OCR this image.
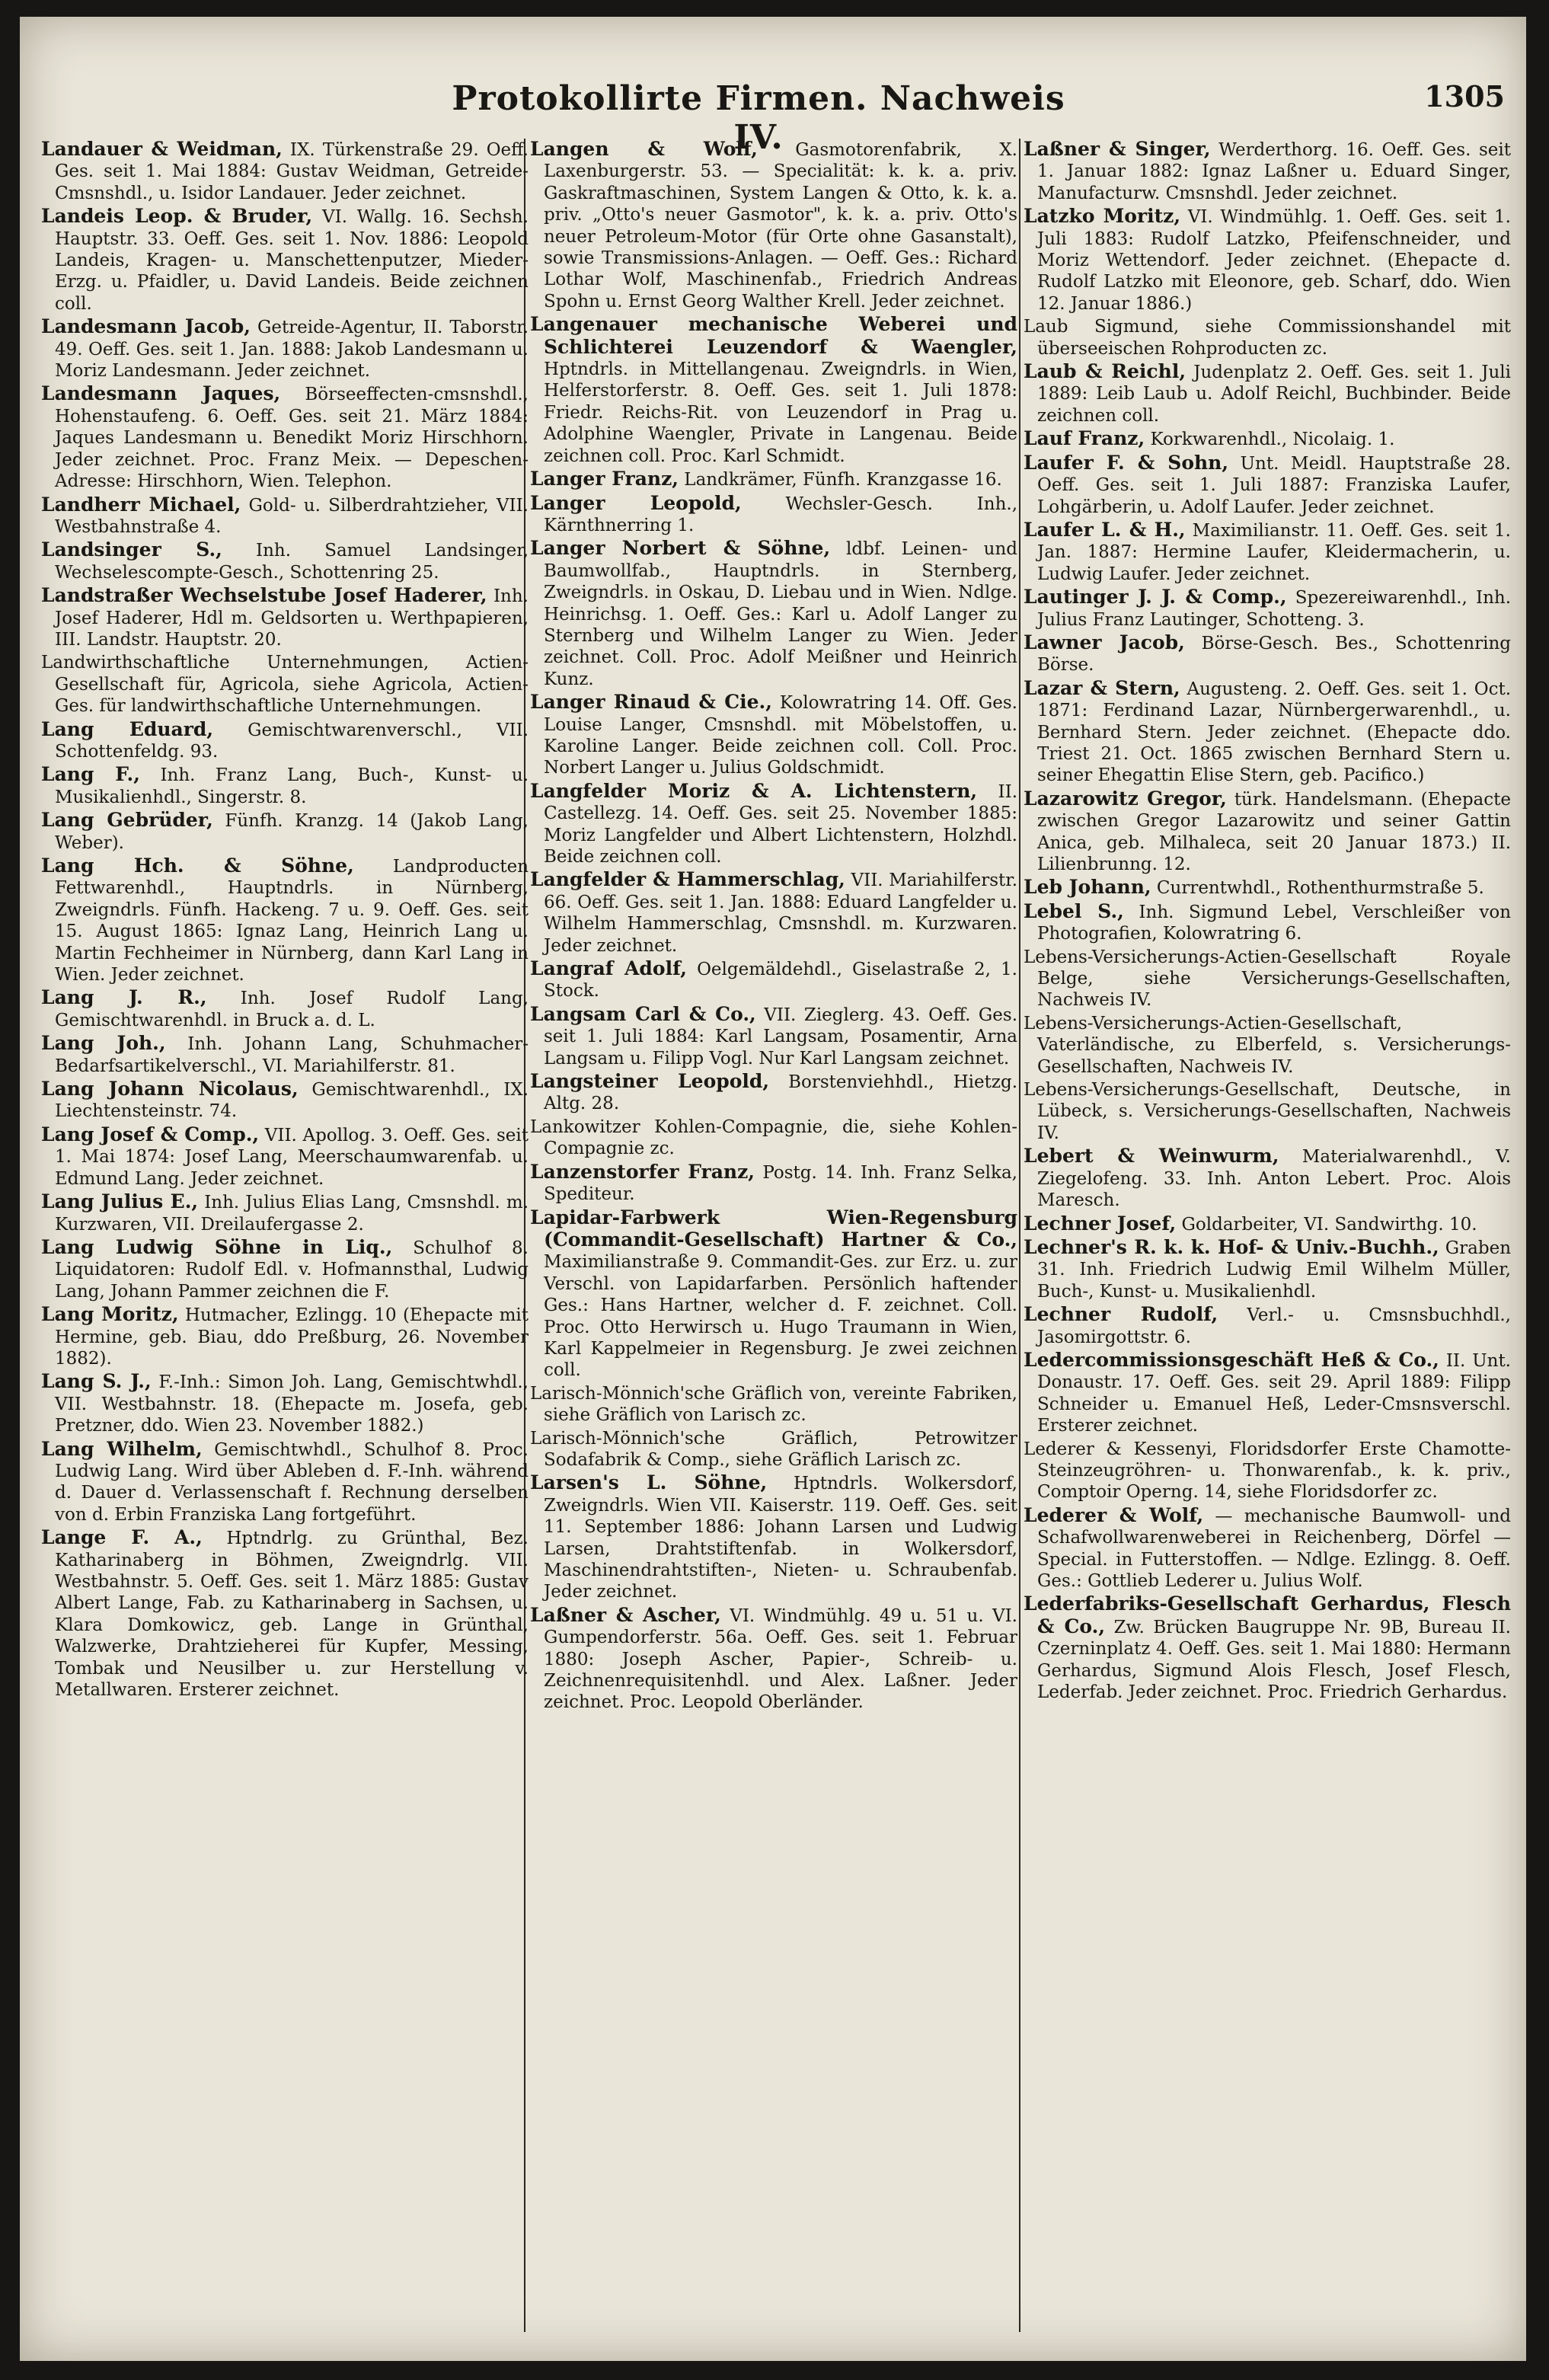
Protokollirte Firmen. Nachweis IV.
1305

Landauer & Weidman, IX. Türkenstraße 29. Oeff. Ges. seit 1. Mai 1884: Gustav Weidman, Getreide-Cmsnshdl., u. Isidor Landauer. Jeder zeichnet.

Landeis Leop. & Bruder, VI. Wallg. 16. Sechsh. Hauptstr. 33. Oeff. Ges. seit 1. Nov. 1886: Leopold Landeis, Kragen- u. Manschettenputzer, Mieder-Erzg. u. Pfaidler, u. David Landeis. Beide zeichnen coll.

Landesmann Jacob, Getreide-Agentur, II. Taborstr. 49. Oeff. Ges. seit 1. Jan. 1888: Jakob Landesmann u. Moriz Landesmann. Jeder zeichnet.

Landesmann Jaques, Börseeffecten-cmsnshdl., Hohenstaufeng. 6. Oeff. Ges. seit 21. März 1884: Jaques Landesmann u. Benedikt Moriz Hirschhorn. Jeder zeichnet. Proc. Franz Meix. — Depeschen-Adresse: Hirschhorn, Wien. Telephon.

Landherr Michael, Gold- u. Silberdrahtzieher, VII. Westbahnstraße 4.

Landsinger S., Inh. Samuel Landsinger, Wechselescompte-Gesch., Schottenring 25.

Landstraßer Wechselstube Josef Haderer, Inh. Josef Haderer, Hdl m. Geldsorten u. Werthpapieren, III. Landstr. Hauptstr. 20.

Landwirthschaftliche Unternehmungen, Actien-Gesellschaft für, Agricola, siehe Agricola, Actien-Ges. für landwirthschaftliche Unternehmungen.

Lang Eduard, Gemischtwarenverschl., VII. Schottenfeldg. 93.

Lang F., Inh. Franz Lang, Buch-, Kunst- u. Musikalienhdl., Singerstr. 8.

Lang Gebrüder, Fünfh. Kranzg. 14 (Jakob Lang, Weber).

Lang Hch. & Söhne, Landproducten Fettwarenhdl., Hauptndrls. in Nürnberg, Zweigndrls. Fünfh. Hackeng. 7 u. 9. Oeff. Ges. seit 15. August 1865: Ignaz Lang, Heinrich Lang u. Martin Fechheimer in Nürnberg, dann Karl Lang in Wien. Jeder zeichnet.

Lang J. R., Inh. Josef Rudolf Lang, Gemischtwarenhdl. in Bruck a. d. L.

Lang Joh., Inh. Johann Lang, Schuhmacher-Bedarfsartikelverschl., VI. Mariahilferstr. 81.

Lang Johann Nicolaus, Gemischtwarenhdl., IX. Liechtensteinstr. 74.

Lang Josef & Comp., VII. Apollog. 3. Oeff. Ges. seit 1. Mai 1874: Josef Lang, Meerschaumwarenfab. u. Edmund Lang. Jeder zeichnet.

Lang Julius E., Inh. Julius Elias Lang, Cmsnshdl. m. Kurzwaren, VII. Dreilaufergasse 2.

Lang Ludwig Söhne in Liq., Schulhof 8. Liquidatoren: Rudolf Edl. v. Hofmannsthal, Ludwig Lang, Johann Pammer zeichnen die F.

Lang Moritz, Hutmacher, Ezlingg. 10 (Ehepacte mit Hermine, geb. Biau, ddo Preßburg, 26. November 1882).

Lang S. J., F.-Inh.: Simon Joh. Lang, Gemischtwhdl., VII. Westbahnstr. 18. (Ehepacte m. Josefa, geb. Pretzner, ddo. Wien 23. November 1882.)

Lang Wilhelm, Gemischtwhdl., Schulhof 8. Proc. Ludwig Lang. Wird über Ableben d. F.-Inh. während d. Dauer d. Verlassenschaft f. Rechnung derselben von d. Erbin Franziska Lang fortgeführt.

Lange F. A., Hptndrlg. zu Grünthal, Bez. Katharinaberg in Böhmen, Zweigndrlg. VII. Westbahnstr. 5. Oeff. Ges. seit 1. März 1885: Gustav Albert Lange, Fab. zu Katharinaberg in Sachsen, u. Klara Domkowicz, geb. Lange in Grünthal, Walzwerke, Drahtzieherei für Kupfer, Messing, Tombak und Neusilber u. zur Herstellung v. Metallwaren. Ersterer zeichnet.

Langen & Wolf, Gasmotorenfabrik, X. Laxenburgerstr. 53. — Specialität: k. k. a. priv. Gaskraftmaschinen, System Langen & Otto, k. k. a. priv. „Otto's neuer Gasmotor", k. k. a. priv. Otto's neuer Petroleum-Motor (für Orte ohne Gasanstalt), sowie Transmissions-Anlagen. — Oeff. Ges.: Richard Lothar Wolf, Maschinenfab., Friedrich Andreas Spohn u. Ernst Georg Walther Krell. Jeder zeichnet.

Langenauer mechanische Weberei und Schlichterei Leuzendorf & Waengler, Hptndrls. in Mittellangenau. Zweigndrls. in Wien, Helferstorferstr. 8. Oeff. Ges. seit 1. Juli 1878: Friedr. Reichs-Rit. von Leuzendorf in Prag u. Adolphine Waengler, Private in Langenau. Beide zeichnen coll. Proc. Karl Schmidt.

Langer Franz, Landkrämer, Fünfh. Kranzgasse 16.

Langer Leopold,	Wechsler-Gesch. Inh., Kärnthnerring 1.

Langer Norbert & Söhne, ldbf. Leinen- und Baumwollfab., Hauptndrls. in Sternberg, Zweigndrls. in Oskau, D. Liebau und in Wien. Ndlge. Heinrichsg. 1. Oeff. Ges.: Karl u. Adolf Langer zu Sternberg und Wilhelm Langer zu Wien. Jeder zeichnet. Coll. Proc. Adolf Meißner und Heinrich Kunz.

Langer Rinaud & Cie., Kolowratring 14. Off. Ges. Louise Langer, Cmsnshdl. mit Möbelstoffen, u. Karoline Langer. Beide zeichnen coll. Coll. Proc. Norbert Langer u. Julius Goldschmidt.

Langfelder Moriz & A. Lichtenstern, II. Castellezg. 14. Oeff. Ges. seit 25. November 1885: Moriz Langfelder und Albert Lichtenstern, Holzhdl. Beide zeichnen coll.

Langfelder & Hammerschlag, VII. Mariahilferstr. 66. Oeff. Ges. seit 1. Jan. 1888: Eduard Langfelder u. Wilhelm Hammerschlag, Cmsnshdl. m. Kurzwaren. Jeder zeichnet.

Langraf Adolf, Oelgemäldehdl., Giselastraße 2, 1. Stock.

Langsam Carl & Co., VII. Zieglerg. 43. Oeff. Ges. seit 1. Juli 1884: Karl Langsam, Posamentir, Arna Langsam u. Filipp Vogl. Nur Karl Langsam zeichnet.

Langsteiner Leopold, Borstenviehhdl., Hietzg. Altg. 28.

Lankowitzer Kohlen-Compagnie, die, siehe Kohlen-Compagnie zc.

Lanzenstorfer Franz, Postg. 14. Inh. Franz Selka, Spediteur.

Lapidar-Farbwerk Wien-Regensburg (Commandit-Gesellschaft) Hartner & Co., Maximilianstraße 9. Commandit-Ges. zur Erz. u. zur Verschl. von Lapidarfarben. Persönlich haftender Ges.: Hans Hartner, welcher d. F. zeichnet. Coll. Proc. Otto Herwirsch u. Hugo Traumann in Wien, Karl Kappelmeier in Regensburg. Je zwei zeichnen coll.

Larisch-Mönnich'sche Gräflich von, vereinte Fabriken, siehe Gräflich von Larisch zc.

Larisch-Mönnich'sche Gräflich, Petrowitzer Sodafabrik & Comp., siehe Gräflich Larisch zc.

Larsen's L. Söhne, Hptndrls. Wolkersdorf, Zweigndrls. Wien VII. Kaiserstr. 119. Oeff. Ges. seit 11. September 1886: Johann Larsen und Ludwig Larsen, Drahtstiftenfab. in Wolkersdorf, Maschinendrahtstiften-, Nieten- u. Schraubenfab. Jeder zeichnet.

Laßner & Ascher, VI. Windmühlg. 49 u. 51 u. VI. Gumpendorferstr. 56a. Oeff. Ges. seit 1. Februar 1880: Joseph Ascher, Papier-, Schreib- u. Zeichnenrequisitenhdl. und Alex. Laßner. Jeder zeichnet. Proc. Leopold Oberländer.

Laßner & Singer, Werderthorg. 16. Oeff. Ges. seit 1. Januar 1882: Ignaz Laßner u. Eduard Singer, Manufacturw. Cmsnshdl. Jeder zeichnet.

Latzko Moritz, VI. Windmühlg. 1. Oeff. Ges. seit 1. Juli 1883: Rudolf Latzko, Pfeifenschneider, und Moriz Wettendorf. Jeder zeichnet. (Ehepacte d. Rudolf Latzko mit Eleonore, geb. Scharf, ddo. Wien 12. Januar 1886.)

Laub Sigmund, siehe Commissionshandel mit überseeischen Rohproducten zc.

Laub & Reichl, Judenplatz 2. Oeff. Ges. seit 1. Juli 1889: Leib Laub u. Adolf Reichl, Buchbinder. Beide zeichnen coll.

Lauf Franz, Korkwarenhdl., Nicolaig. 1.

Laufer F. & Sohn, Unt. Meidl. Hauptstraße 28. Oeff. Ges. seit 1. Juli 1887: Franziska Laufer, Lohgärberin, u. Adolf Laufer. Jeder zeichnet.

Laufer L. & H., Maximilianstr. 11. Oeff. Ges. seit 1. Jan. 1887: Hermine Laufer, Kleidermacherin, u. Ludwig Laufer. Jeder zeichnet.

Lautinger J. J. & Comp., Spezereiwarenhdl., Inh. Julius Franz Lautinger, Schotteng. 3.

Lawner Jacob, Börse-Gesch. Bes., Schottenring Börse.

Lazar & Stern, Augusteng. 2. Oeff. Ges. seit 1. Oct. 1871: Ferdinand Lazar, Nürnbergerwarenhdl., u. Bernhard Stern. Jeder zeichnet. (Ehepacte ddo. Triest 21. Oct. 1865 zwischen Bernhard Stern u. seiner Ehegattin Elise Stern, geb. Pacifico.)

Lazarowitz Gregor, türk. Handelsmann. (Ehepacte zwischen Gregor Lazarowitz und seiner Gattin Anica, geb. Milhaleca, seit 20 Januar 1873.) II. Lilienbrunng. 12.

Leb Johann, Currentwhdl., Rothenthurmstraße 5.

Lebel S., Inh. Sigmund Lebel, Verschleißer von Photografien, Kolowratring 6.

Lebens-Versicherungs-Actien-Gesellschaft Royale Belge, siehe Versicherungs-Gesellschaften, Nachweis IV.

Lebens-Versicherungs-Actien-Gesellschaft, Vaterländische, zu Elberfeld, s. Versicherungs-Gesellschaften, Nachweis IV.

Lebens-Versicherungs-Gesellschaft, Deutsche, in Lübeck, s. Versicherungs-Gesellschaften, Nachweis IV.

Lebert & Weinwurm, Materialwarenhdl., V. Ziegelofeng. 33. Inh. Anton Lebert. Proc. Alois Maresch.

Lechner Josef, Goldarbeiter, VI. Sandwirthg. 10.

Lechner's R. k. k. Hof- & Univ.-Buchh., Graben 31. Inh. Friedrich Ludwig Emil Wilhelm Müller, Buch-, Kunst- u. Musikalienhdl.

Lechner Rudolf, Verl.- u. Cmsnsbuchhdl., Jasomirgottstr. 6.

Ledercommissionsgeschäft Heß & Co., II. Unt. Donaustr. 17. Oeff. Ges. seit 29. April 1889: Filipp Schneider u. Emanuel Heß, Leder-Cmsnsverschl. Ersterer zeichnet.

Lederer & Kessenyi, Floridsdorfer Erste Chamotte-Steinzeugröhren- u. Thonwarenfab., k. k. priv., Comptoir Operng. 14, siehe Floridsdorfer zc.

Lederer & Wolf, — mechanische Baumwoll- und Schafwollwarenweberei in Reichenberg, Dörfel — Special. in Futterstoffen. — Ndlge. Ezlingg. 8. Oeff. Ges.: Gottlieb Lederer u. Julius Wolf.

Lederfabriks-Gesellschaft Gerhardus, Flesch & Co., Zw. Brücken Baugruppe Nr. 9B, Bureau II. Czerninplatz 4. Oeff. Ges. seit 1. Mai 1880: Hermann Gerhardus, Sigmund Alois Flesch, Josef Flesch, Lederfab. Jeder zeichnet. Proc. Friedrich Gerhardus.
